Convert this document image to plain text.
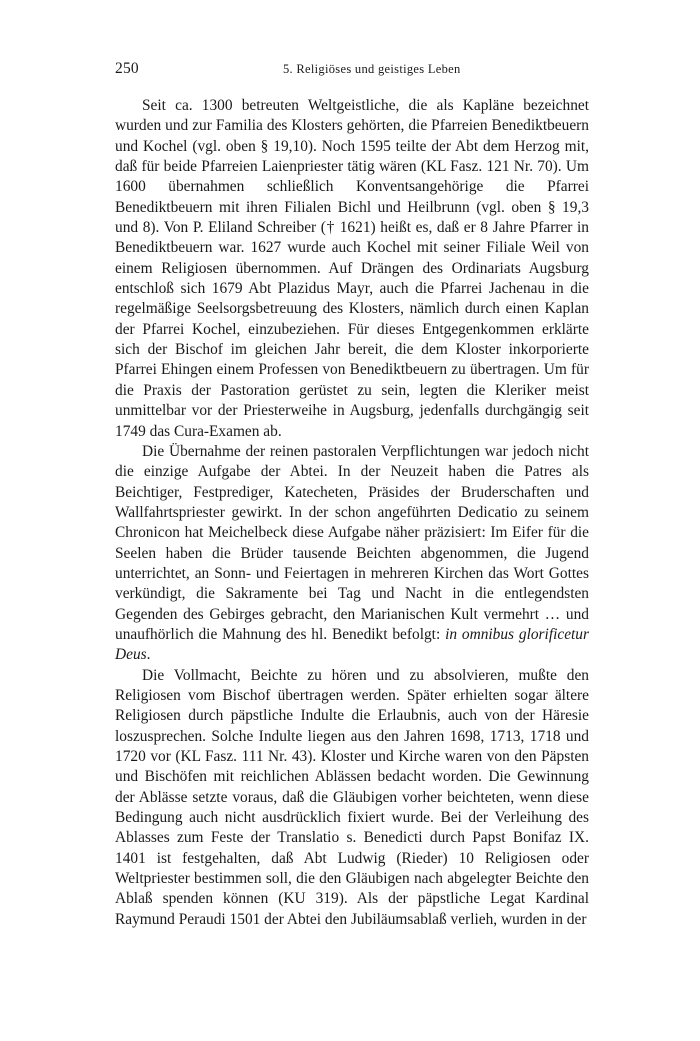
250	5. Religiöses und geistiges Leben

Seit ca. 1300 betreuten Weltgeistliche, die als Kapläne bezeichnet wurden und zur Familia des Klosters gehörten, die Pfarreien Benediktbeuern und Kochel (vgl. oben § 19,10). Noch 1595 teilte der Abt dem Herzog mit, daß für beide Pfarreien Laienpriester tätig wären (KL Fasz. 121 Nr. 70). Um 1600 übernahmen schließlich Konventsangehörige die Pfarrei Benediktbeuern mit ihren Filialen Bichl und Heilbrunn (vgl. oben § 19,3 und 8). Von P. Eliland Schreiber († 1621) heißt es, daß er 8 Jahre Pfarrer in Benediktbeuern war. 1627 wurde auch Kochel mit seiner Filiale Weil von einem Religiosen übernommen. Auf Drängen des Ordinariats Augsburg entschloß sich 1679 Abt Plazidus Mayr, auch die Pfarrei Jachenau in die regelmäßige Seelsorgsbetreuung des Klosters, nämlich durch einen Kaplan der Pfarrei Kochel, einzubeziehen. Für dieses Entgegenkommen erklärte sich der Bischof im gleichen Jahr bereit, die dem Kloster inkorporierte Pfarrei Ehingen einem Professen von Benediktbeuern zu übertragen. Um für die Praxis der Pastoration gerüstet zu sein, legten die Kleriker meist unmittelbar vor der Priesterweihe in Augsburg, jedenfalls durchgängig seit 1749 das Cura-Examen ab.

Die Übernahme der reinen pastoralen Verpflichtungen war jedoch nicht die einzige Aufgabe der Abtei. In der Neuzeit haben die Patres als Beichtiger, Festprediger, Katecheten, Präsides der Bruderschaften und Wallfahrtspriester gewirkt. In der schon angeführten Dedicatio zu seinem Chronicon hat Meichelbeck diese Aufgabe näher präzisiert: Im Eifer für die Seelen haben die Brüder tausende Beichten abgenommen, die Jugend unterrichtet, an Sonn- und Feiertagen in mehreren Kirchen das Wort Gottes verkündigt, die Sakramente bei Tag und Nacht in die entlegendsten Gegenden des Gebirges gebracht, den Marianischen Kult vermehrt … und unaufhörlich die Mahnung des hl. Benedikt befolgt: in omnibus glorificetur Deus.

Die Vollmacht, Beichte zu hören und zu absolvieren, mußte den Religiosen vom Bischof übertragen werden. Später erhielten sogar ältere Religiosen durch päpstliche Indulte die Erlaubnis, auch von der Häresie loszusprechen. Solche Indulte liegen aus den Jahren 1698, 1713, 1718 und 1720 vor (KL Fasz. 111 Nr. 43). Kloster und Kirche waren von den Päpsten und Bischöfen mit reichlichen Ablässen bedacht worden. Die Gewinnung der Ablässe setzte voraus, daß die Gläubigen vorher beichteten, wenn diese Bedingung auch nicht ausdrücklich fixiert wurde. Bei der Verleihung des Ablasses zum Feste der Translatio s. Benedicti durch Papst Bonifaz IX. 1401 ist festgehalten, daß Abt Ludwig (Rieder) 10 Religiosen oder Weltpriester bestimmen soll, die den Gläubigen nach abgelegter Beichte den Ablaß spenden können (KU 319). Als der päpstliche Legat Kardinal Raymund Peraudi 1501 der Abtei den Jubiläumsablaß verlieh, wurden in der
